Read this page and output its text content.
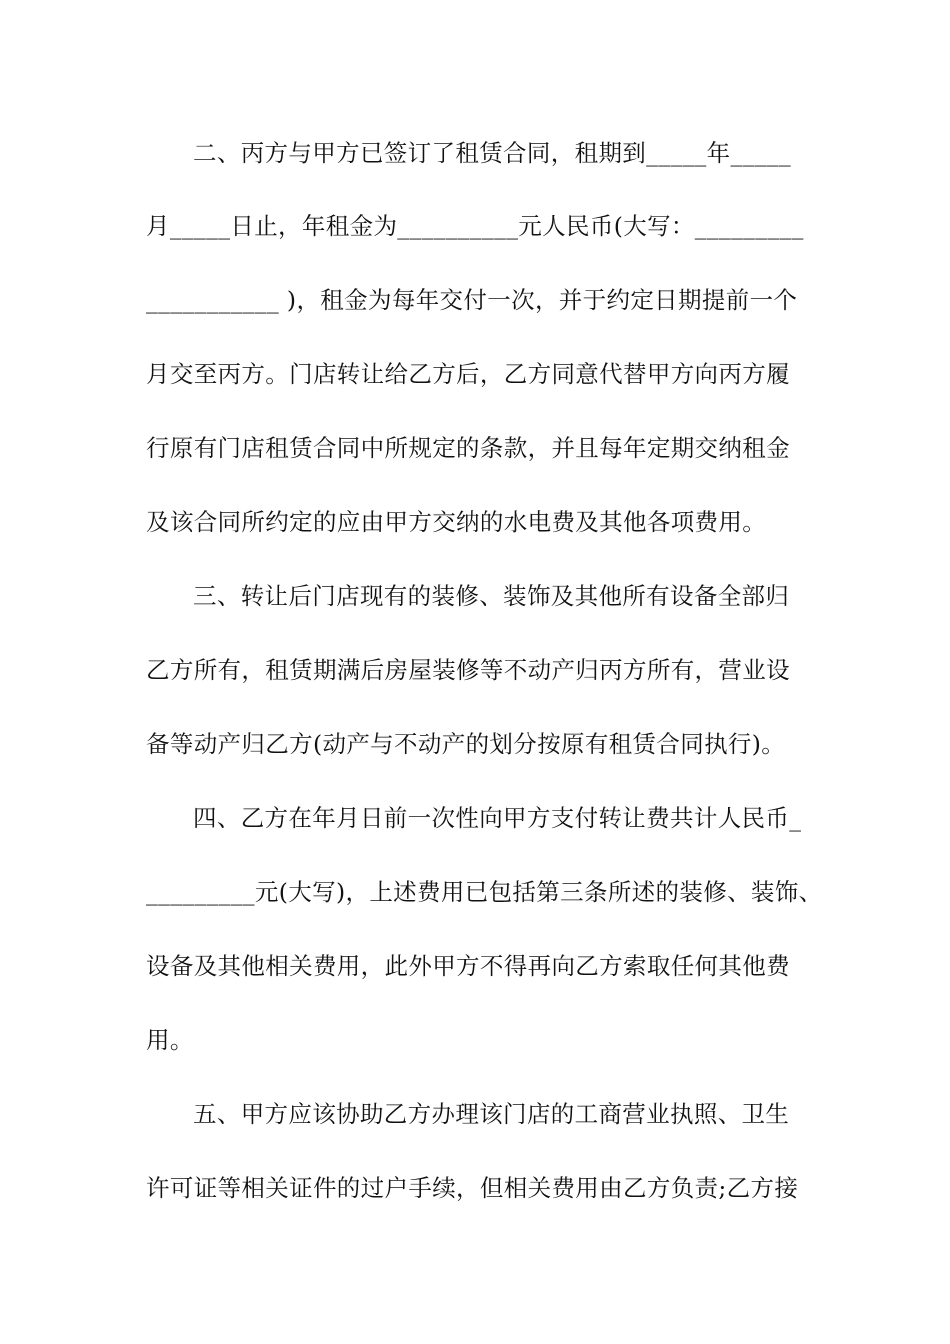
二、丙方与甲方已签订了租赁合同，租期到_____年_____
月_____日止，年租金为__________元人民币(大写：_________
___________ )，租金为每年交付一次，并于约定日期提前一个
月交至丙方。门店转让给乙方后，乙方同意代替甲方向丙方履
行原有门店租赁合同中所规定的条款，并且每年定期交纳租金
及该合同所约定的应由甲方交纳的水电费及其他各项费用。
三、转让后门店现有的装修、装饰及其他所有设备全部归
乙方所有，租赁期满后房屋装修等不动产归丙方所有，营业设
备等动产归乙方(动产与不动产的划分按原有租赁合同执行)。
四、乙方在年月日前一次性向甲方支付转让费共计人民币_
_________元(大写)，上述费用已包括第三条所述的装修、装饰、
设备及其他相关费用，此外甲方不得再向乙方索取任何其他费
用。
五、甲方应该协助乙方办理该门店的工商营业执照、卫生
许可证等相关证件的过户手续，但相关费用由乙方负责;乙方接
